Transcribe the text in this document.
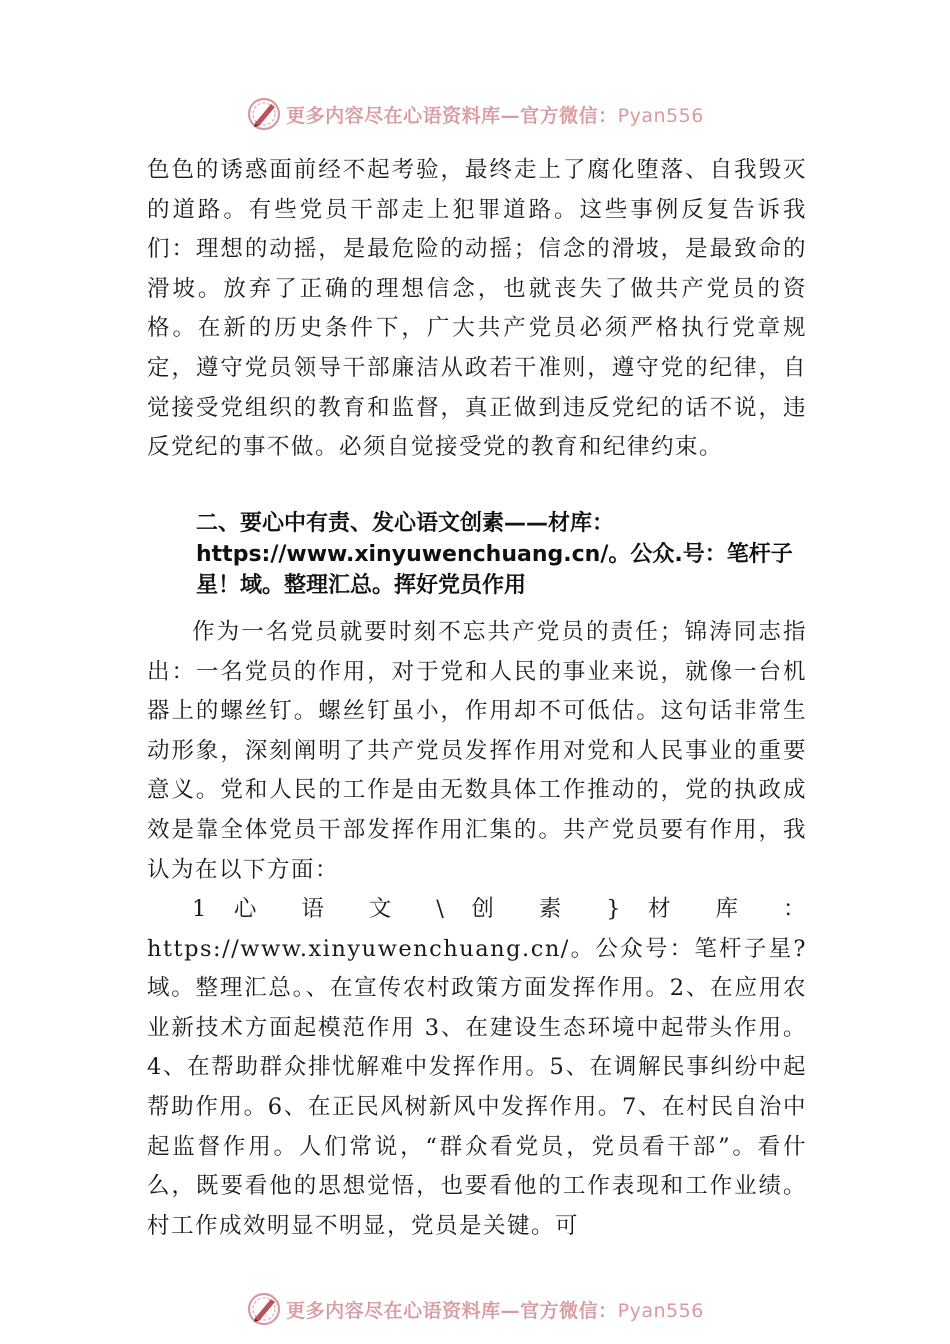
更多内容尽在心语资料库—官方微信：Pyan556

色色的诱惑面前经不起考验，最终走上了腐化堕落、自我毁灭的道路。有些党员干部走上犯罪道路。这些事例反复告诉我们：理想的动摇，是最危险的动摇；信念的滑坡，是最致命的滑坡。放弃了正确的理想信念，也就丧失了做共产党员的资格。在新的历史条件下，广大共产党员必须严格执行党章规定，遵守党员领导干部廉洁从政若干准则，遵守党的纪律，自觉接受党组织的教育和监督，真正做到违反党纪的话不说，违反党纪的事不做。必须自觉接受党的教育和纪律约束。

二、要心中有责、发心语文创素——材库：https://www.xinyuwenchuang.cn/。公众.号：笔杆子星！域。整理汇总。挥好党员作用

作为一名党员就要时刻不忘共产党员的责任；锦涛同志指出：一名党员的作用，对于党和人民的事业来说，就像一台机器上的螺丝钉。螺丝钉虽小，作用却不可低估。这句话非常生动形象，深刻阐明了共产党员发挥作用对党和人民事业的重要意义。党和人民的工作是由无数具体工作推动的，党的执政成效是靠全体党员干部发挥作用汇集的。共产党员要有作用，我认为在以下方面：

1 心 语 文 \ 创 素 } 材 库 ： https://www.xinyuwenchuang.cn/。公众号：笔杆子星?域。整理汇总。、在宣传农村政策方面发挥作用。2、在应用农业新技术方面起模范作用 3、在建设生态环境中起带头作用。4、在帮助群众排忧解难中发挥作用。5、在调解民事纠纷中起帮助作用。6、在正民风树新风中发挥作用。7、在村民自治中起监督作用。人们常说，“群众看党员，党员看干部”。看什么，既要看他的思想觉悟，也要看他的工作表现和工作业绩。村工作成效明显不明显，党员是关键。可

更多内容尽在心语资料库—官方微信：Pyan556
